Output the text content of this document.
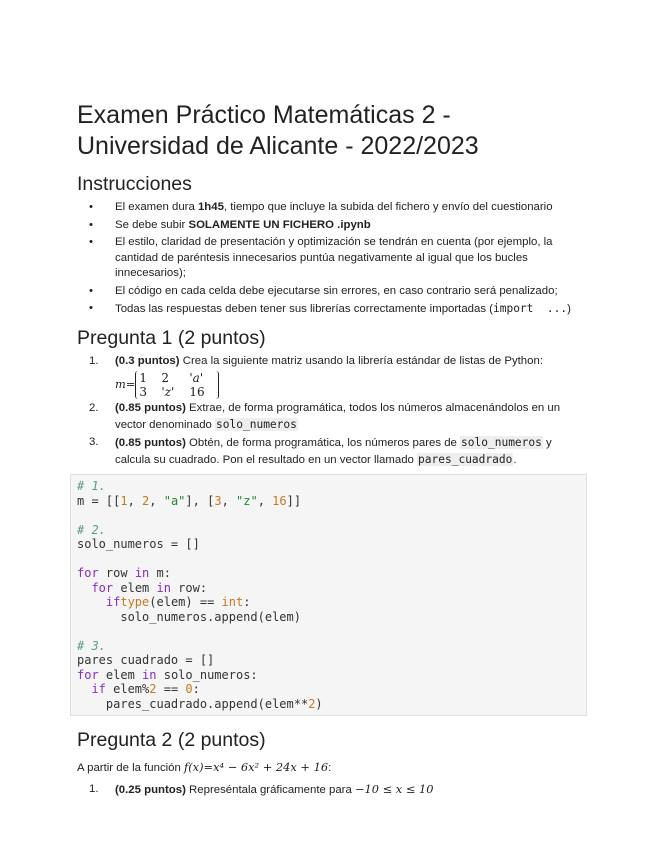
Examen Práctico Matemáticas 2 - Universidad de Alicante - 2022/2023
Instrucciones
• El examen dura 1h45, tiempo que incluye la subida del fichero y envío del cuestionario
• Se debe subir SOLAMENTE UN FICHERO .ipynb
• El estilo, claridad de presentación y optimización se tendrán en cuenta (por ejemplo, la cantidad de paréntesis innecesarios puntúa negativamente al igual que los bucles innecesarios);
• El código en cada celda debe ejecutarse sin errores, en caso contrario será penalizado;
• Todas las respuestas deben tener sus librerías correctamente importadas (import  ...)
Pregunta 1 (2 puntos)
1. (0.3 puntos) Crea la siguiente matriz usando la librería estándar de listas de Python:
m= 1	2	'a'
3	'z'	16
2. (0.85 puntos) Extrae, de forma programática, todos los números almacenándolos en un vector denominado solo_numeros
3. (0.85 puntos) Obtén, de forma programática, los números pares de solo_numeros y calcula su cuadrado. Pon el resultado en un vector llamado pares_cuadrado.
# 1.
m = [[1, 2, "a"], [3, "z", 16]]
# 2.
solo_numeros = []
for row in m:
for elem in row:
iftype(elem) == int:
solo_numeros.append(elem)
# 3.
pares cuadrado = []
for elem in solo_numeros:
if elem%2 == 0:
pares_cuadrado.append(elem**2)
Pregunta 2 (2 puntos)

A partir de la función f(x)=x⁴ − 6x² + 24x + 16:

1. (0.25 puntos) Represéntala gráficamente para −10 ≤ x ≤ 10
